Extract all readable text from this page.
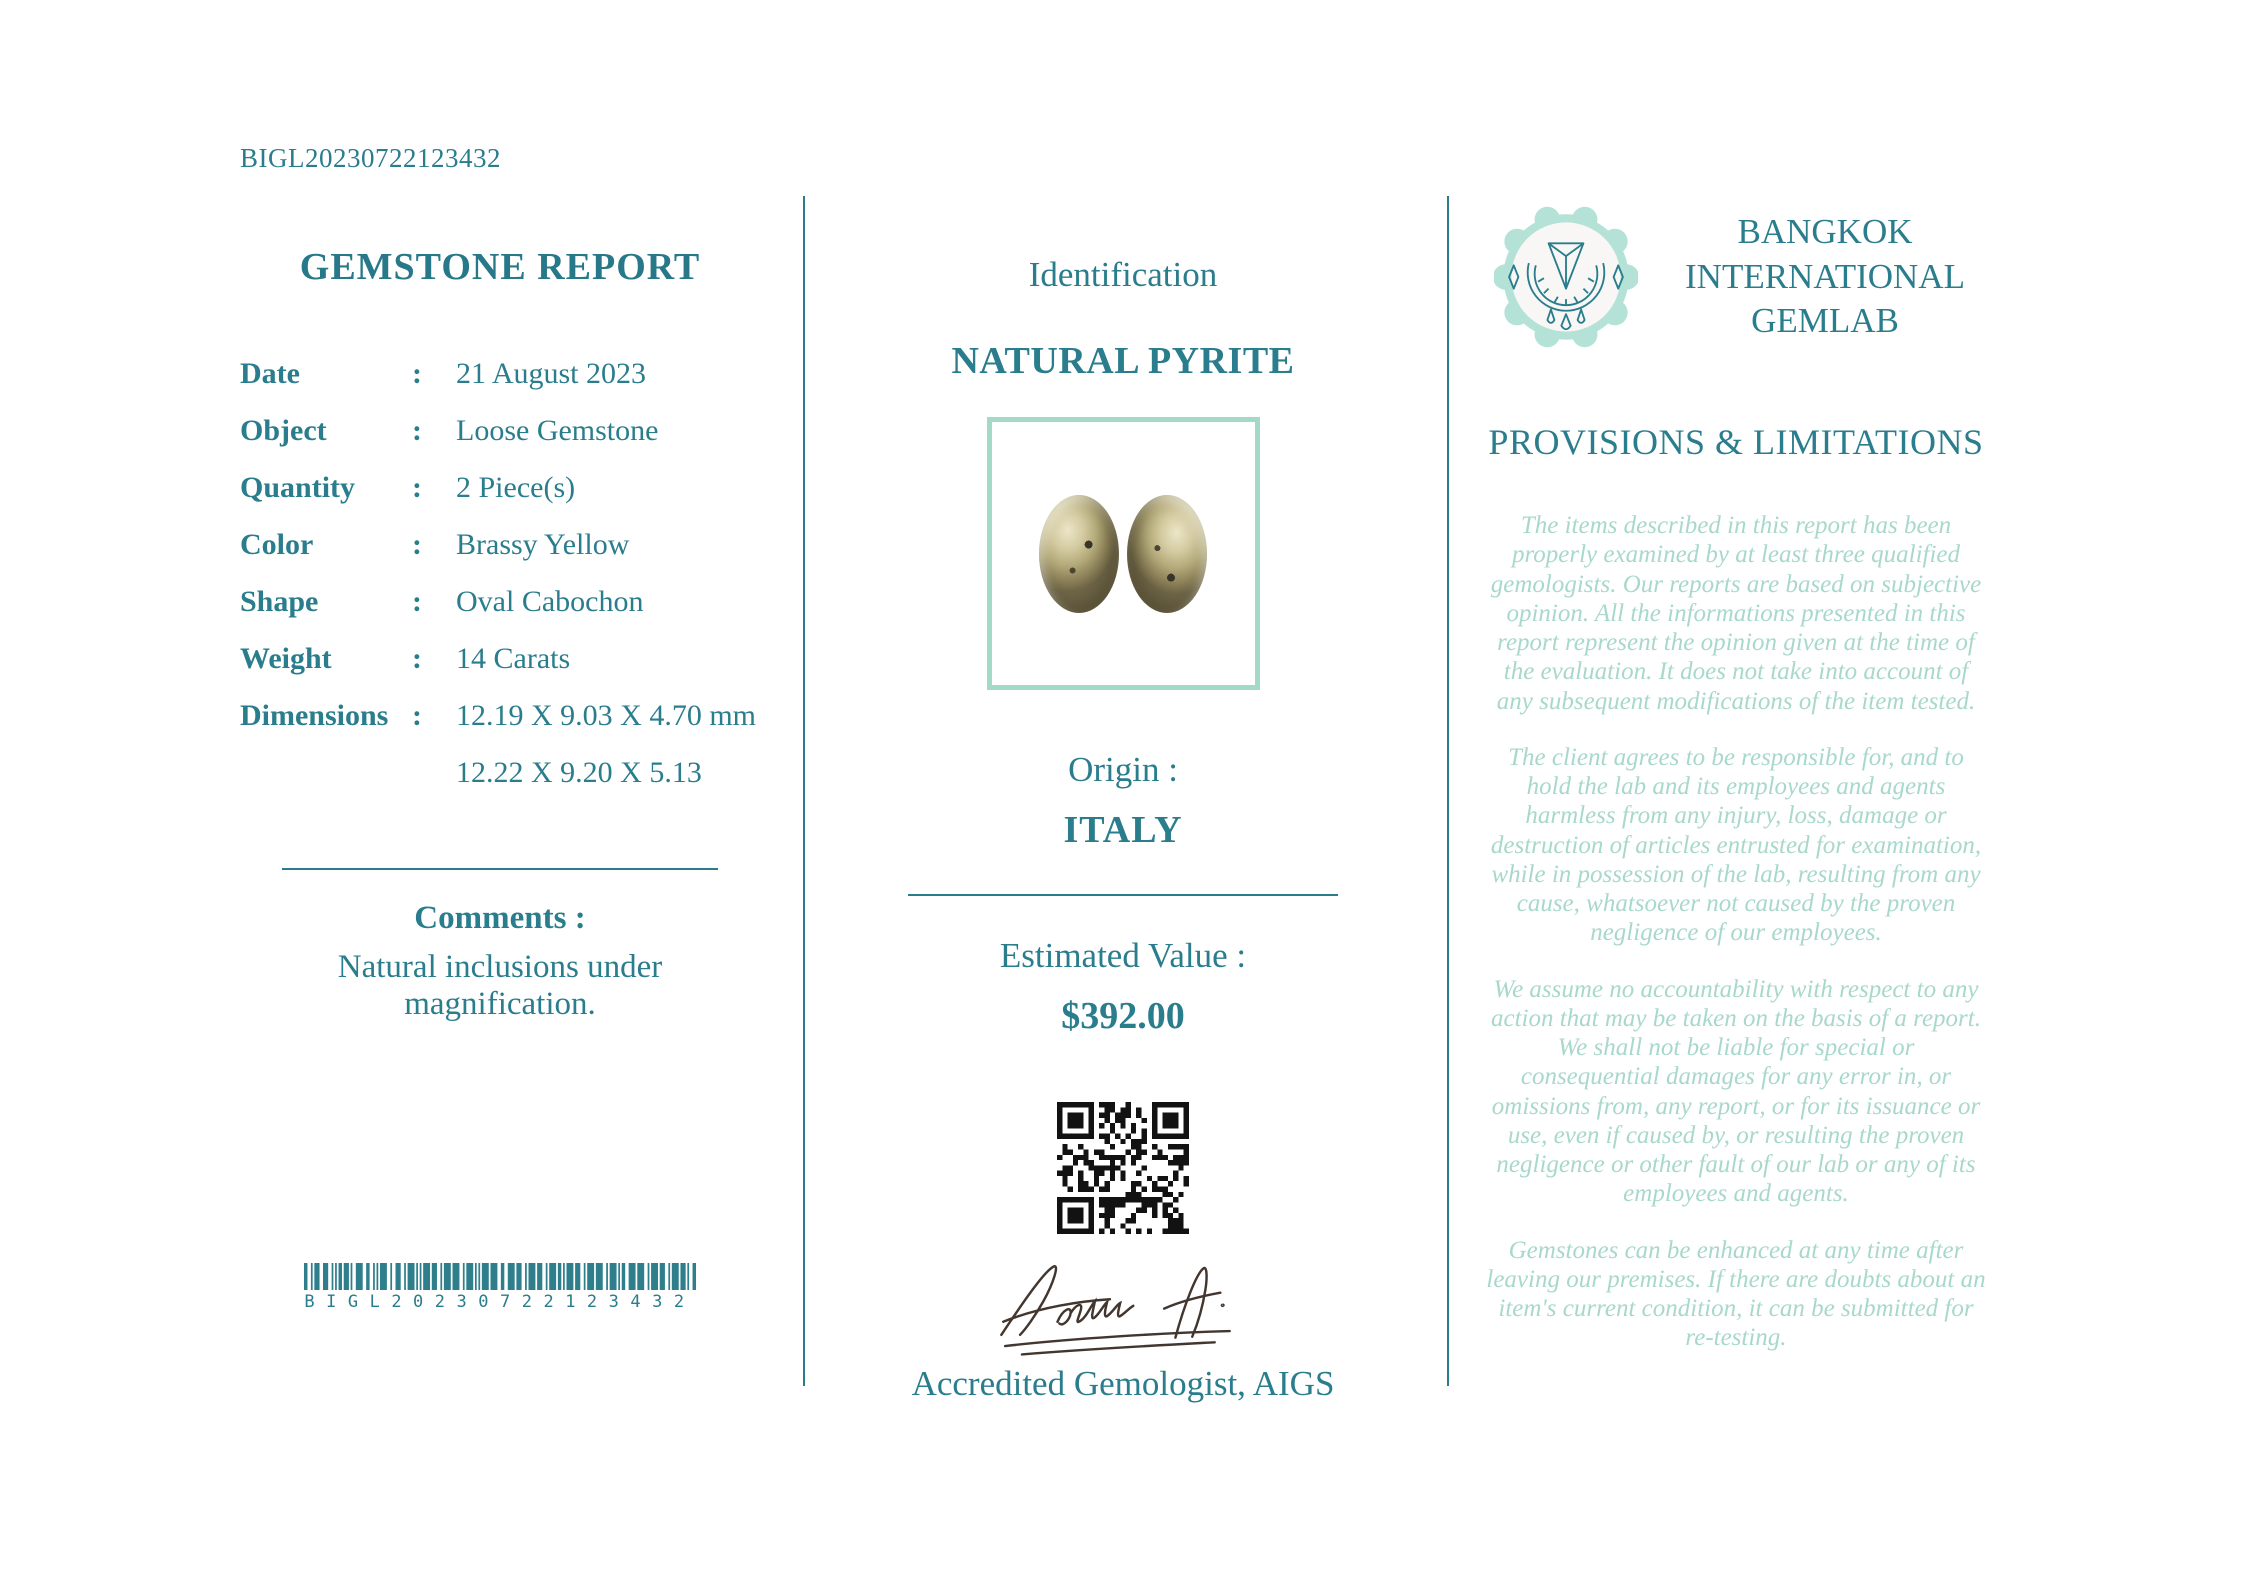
BIGL20230722123432
GEMSTONE REPORT
Date	:	21 August 2023
Object	:	Loose Gemstone
Quantity	:	2 Piece(s)
Color	:	Brassy Yellow
Shape	:	Oval Cabochon
Weight	:	14 Carats
Dimensions :	12.19 X 9.03 X 4.70 mm
12.22 X 9.20 X 5.13
Comments :
Natural inclusions under magnification.
BIGL20230722123432
Identification
NATURAL PYRITE
Origin :
ITALY
Estimated Value :
$392.00
Accredited Gemologist, AIGS
BANGKOK
INTERNATIONAL
GEMLAB
PROVISIONS & LIMITATIONS

The items described in this report has been properly examined by at least three qualified gemologists. Our reports are based on subjective opinion. All the informations presented in this report represent the opinion given at the time of the evaluation. It does not take into account of any subsequent modifications of the item tested.

The client agrees to be responsible for, and to hold the lab and its employees and agents harmless from any injury, loss, damage or destruction of articles entrusted for examination, while in possession of the lab, resulting from any cause, whatsoever not caused by the proven negligence of our employees.

We assume no accountability with respect to any action that may be taken on the basis of a report. We shall not be liable for special or consequential damages for any error in, or omissions from, any report, or for its issuance or use, even if caused by, or resulting the proven negligence or other fault of our lab or any of its employees and agents.

Gemstones can be enhanced at any time after leaving our premises. If there are doubts about an item's current condition, it can be submitted for re-testing.
